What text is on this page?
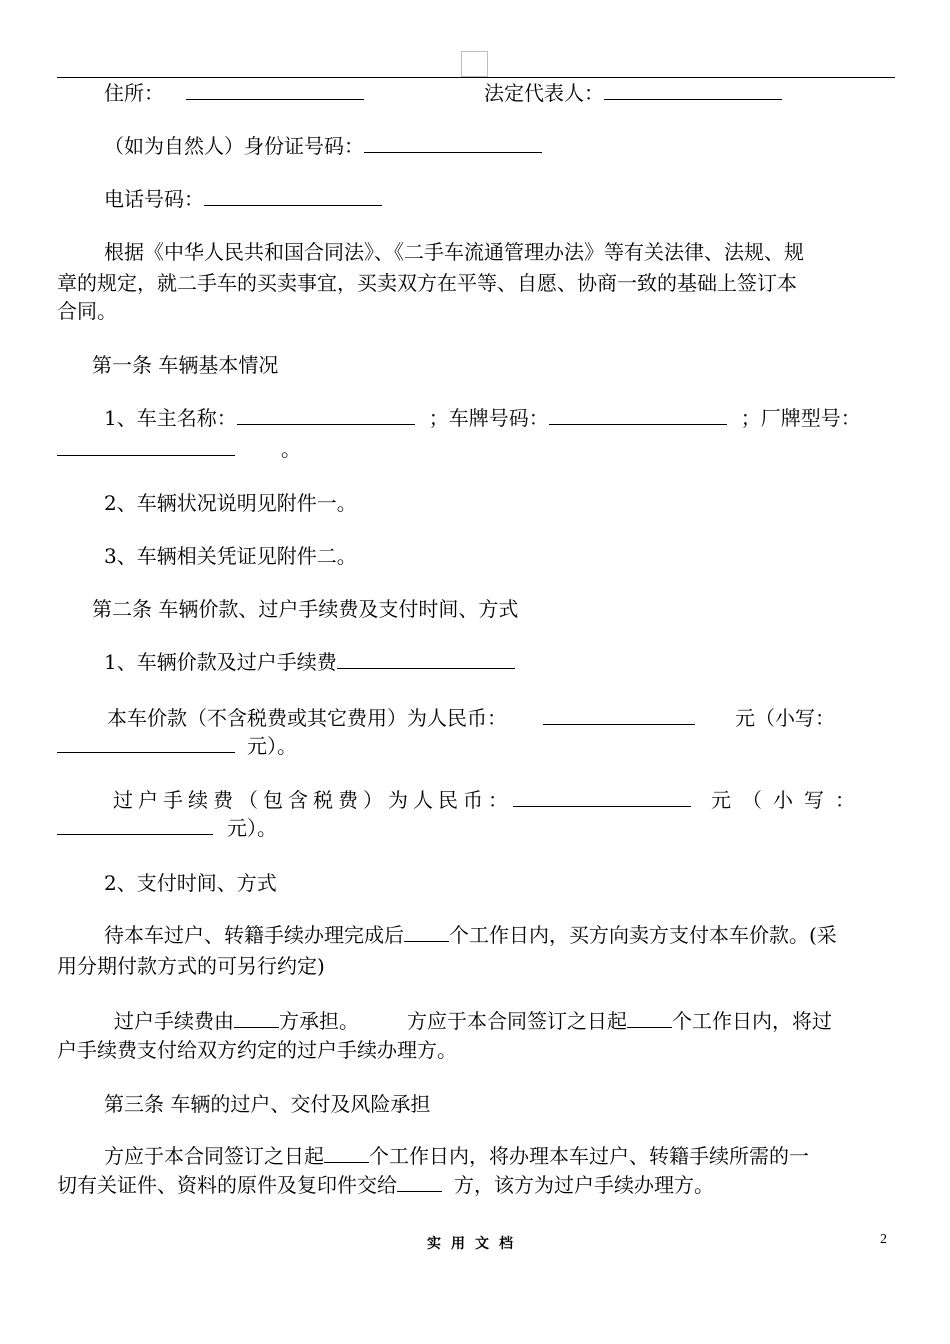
住所：	法定代表人：
（如为自然人）身份证号码：
电话号码：
根据《中华人民共和国合同法》、《二手车流通管理办法》等有关法律、法规、规
章的规定，就二手车的买卖事宜，买卖双方在平等、自愿、协商一致的基础上签订本
合同。
第一条 车辆基本情况
1、车主名称：	；车牌号码：	；厂牌型号：
。
2、车辆状况说明见附件一。
3、车辆相关凭证见附件二。
第二条 车辆价款、过户手续费及支付时间、方式
1、车辆价款及过户手续费
本车价款（不含税费或其它费用）为人民币：	元（小写：
元）。
过户手续费（包含税费）为人民币：	元（小写：
元）。
2、支付时间、方式
待本车过户、转籍手续办理完成后 个工作日内，买方向卖方支付本车价款。(采
用分期付款方式的可另行约定)
过户手续费由 方承担。 方应于本合同签订之日起 个工作日内，将过
户手续费支付给双方约定的过户手续办理方。
第三条 车辆的过户、交付及风险承担
方应于本合同签订之日起 个工作日内，将办理本车过户、转籍手续所需的一
切有关证件、资料的原件及复印件交给	方，该方为过户手续办理方。
实用文档	2
